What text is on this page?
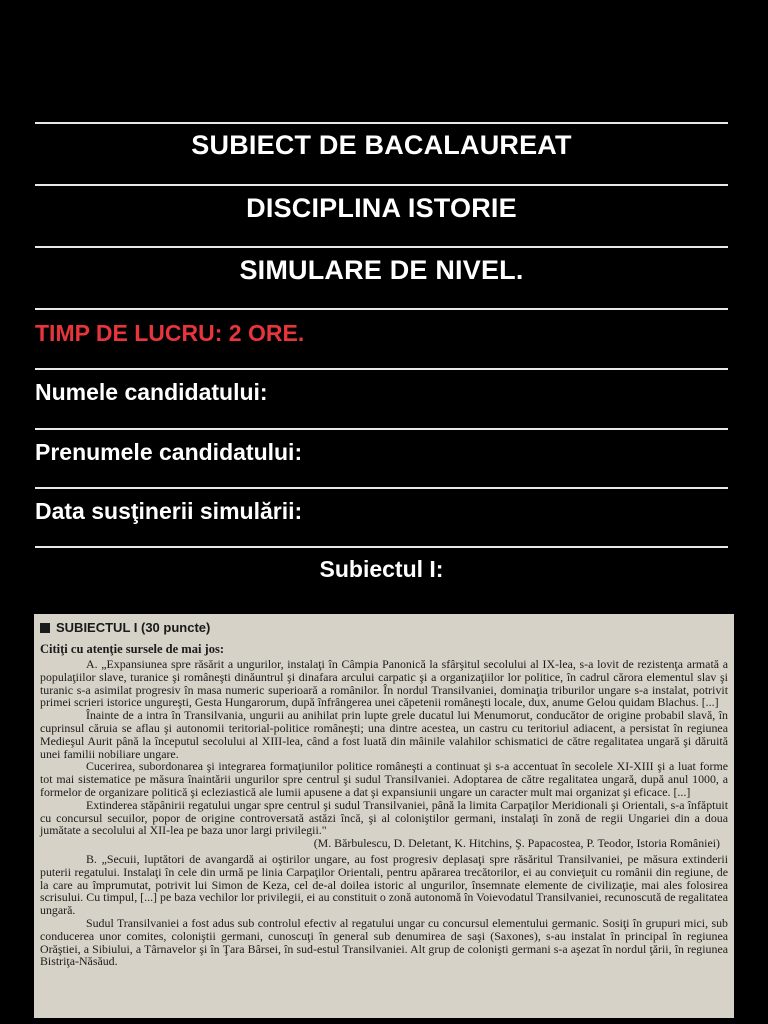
SUBIECT DE BACALAUREAT
DISCIPLINA ISTORIE
SIMULARE DE NIVEL.
TIMP DE LUCRU: 2 ORE.
Numele candidatului:
Prenumele candidatului:
Data susţinerii simulării:
Subiectul I:
SUBIECTUL I (30 puncte)
Citiţi cu atenţie sursele de mai jos:

A. „Expansiunea spre răsărit a ungurilor, instalaţi în Câmpia Panonică la sfârşitul secolului al IX-lea, s-a lovit de rezistenţa armată a populaţiilor slave, turanice şi româneşti dinăuntrul şi dinafara arcului carpatic şi a organizaţiilor lor politice, în cadrul cărora elementul slav şi turanic s-a asimilat progresiv în masa numeric superioară a românilor. În nordul Transilvaniei, dominaţia triburilor ungare s-a instalat, potrivit primei scrieri istorice ungureşti, Gesta Hungarorum, după înfrângerea unei căpetenii româneşti locale, dux, anume Gelou quidam Blachus. [...]

Înainte de a intra în Transilvania, ungurii au anihilat prin lupte grele ducatul lui Menumorut, conducător de origine probabil slavă, în cuprinsul căruia se aflau şi autonomii teritorial-politice româneşti; una dintre acestea, un castru cu teritoriul adiacent, a persistat în regiunea Medieşul Aurit până la începutul secolului al XIII-lea, când a fost luată din mâinile valahilor schismatici de către regalitatea ungară şi dăruită unei familii nobiliare ungare.

Cucerirea, subordonarea şi integrarea formaţiunilor politice româneşti a continuat şi s-a accentuat în secolele XI-XIII şi a luat forme tot mai sistematice pe măsura înaintării ungurilor spre centrul şi sudul Transilvaniei. Adoptarea de către regalitatea ungară, după anul 1000, a formelor de organizare politică şi ecleziastică ale lumii apusene a dat şi expansiunii ungare un caracter mult mai organizat şi eficace. [...]

Extinderea stăpânirii regatului ungar spre centrul şi sudul Transilvaniei, până la limita Carpaţilor Meridionali şi Orientali, s-a înfăptuit cu concursul secuilor, popor de origine controversată astăzi încă, şi al coloniştilor germani, instalaţi în zonă de regii Ungariei din a doua jumătate a secolului al XII-lea pe baza unor largi privilegii."

(M. Bărbulescu, D. Deletant, K. Hitchins, Ş. Papacostea, P. Teodor, Istoria României)

B. „Secuii, luptători de avangardă ai oştirilor ungare, au fost progresiv deplasaţi spre răsăritul Transilvaniei, pe măsura extinderii puterii regatului. Instalaţi în cele din urmă pe linia Carpaţilor Orientali, pentru apărarea trecătorilor, ei au convieţuit cu românii din regiune, de la care au împrumutat, potrivit lui Simon de Keza, cel de-al doilea istoric al ungurilor, însemnate elemente de civilizaţie, mai ales folosirea scrisului. Cu timpul, [...] pe baza vechilor lor privilegii, ei au constituit o zonă autonomă în Voievodatul Transilvaniei, recunoscută de regalitatea ungară.

Sudul Transilvaniei a fost adus sub controlul efectiv al regatului ungar cu concursul elementului germanic. Sosiţi în grupuri mici, sub conducerea unor comites, coloniştii germani, cunoscuţi în general sub denumirea de saşi (Saxones), s-au instalat în principal în regiunea Orăştiei, a Sibiului, a Târnavelor şi în Ţara Bârsei, în sud-estul Transilvaniei. Alt grup de colonişti germani s-a aşezat în nordul ţării, în regiunea Bistriţa-Năsăud.
